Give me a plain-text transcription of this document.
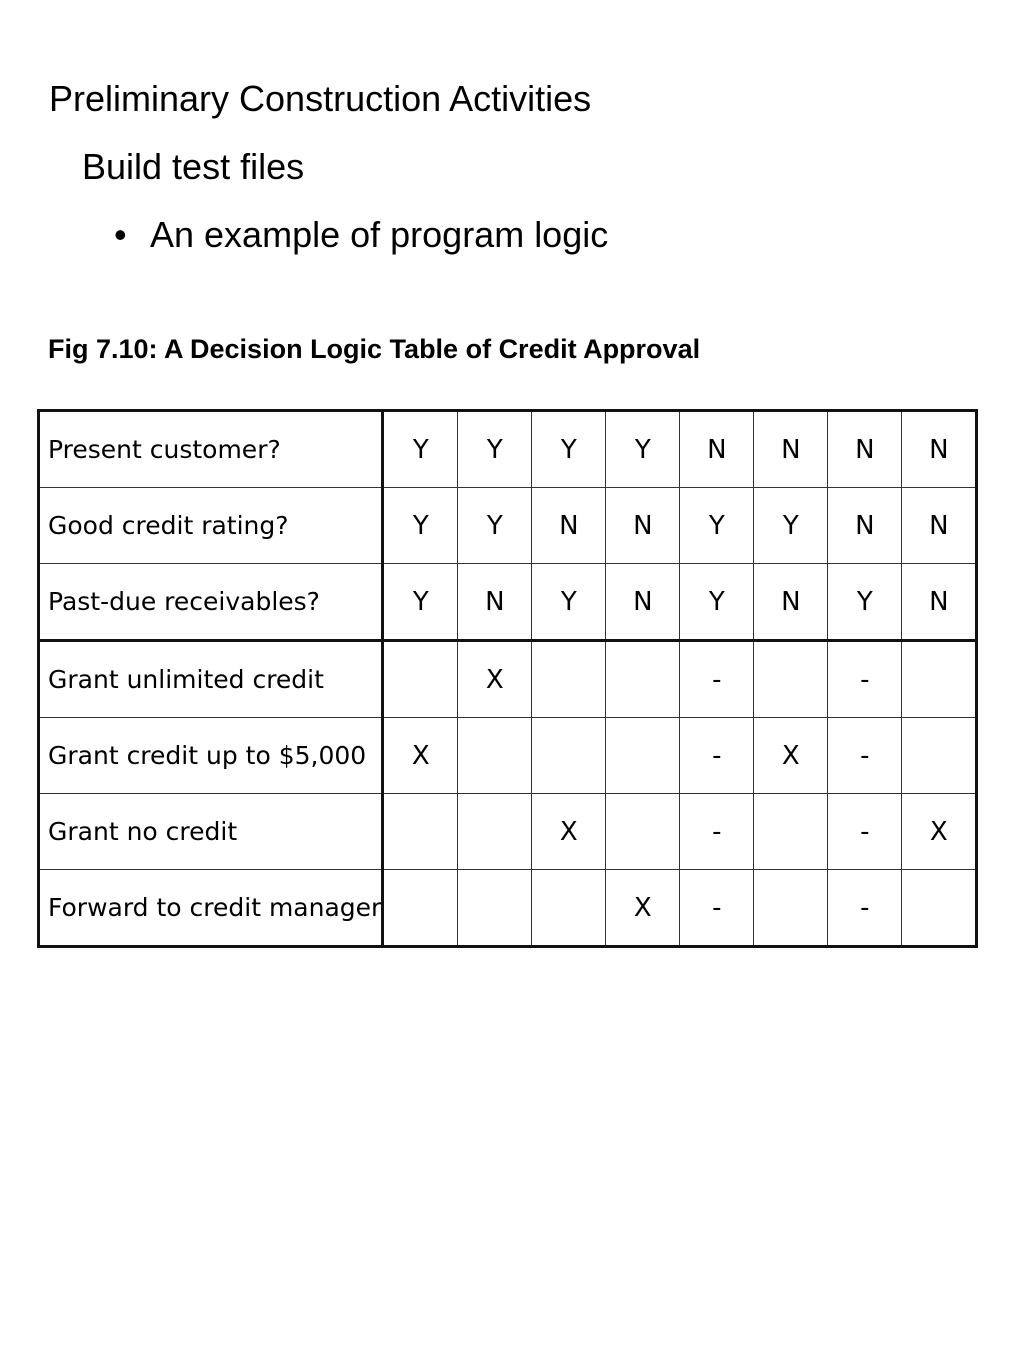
Preliminary Construction Activities
Build test files
• An example of program logic
Fig 7.10: A Decision Logic Table of Credit Approval
Present customer?	Y	Y	Y	Y	N	N	N	N
Good credit rating?	Y	Y	N	N	Y	Y	N	N
Past-due receivables?	Y	N	Y	N	Y	N	Y	N
Grant unlimited credit		X			-		-	
Grant credit up to $5,000	X				-	X	-	
Grant no credit			X		-		-	X
Forward to credit manager				X	-		-	
